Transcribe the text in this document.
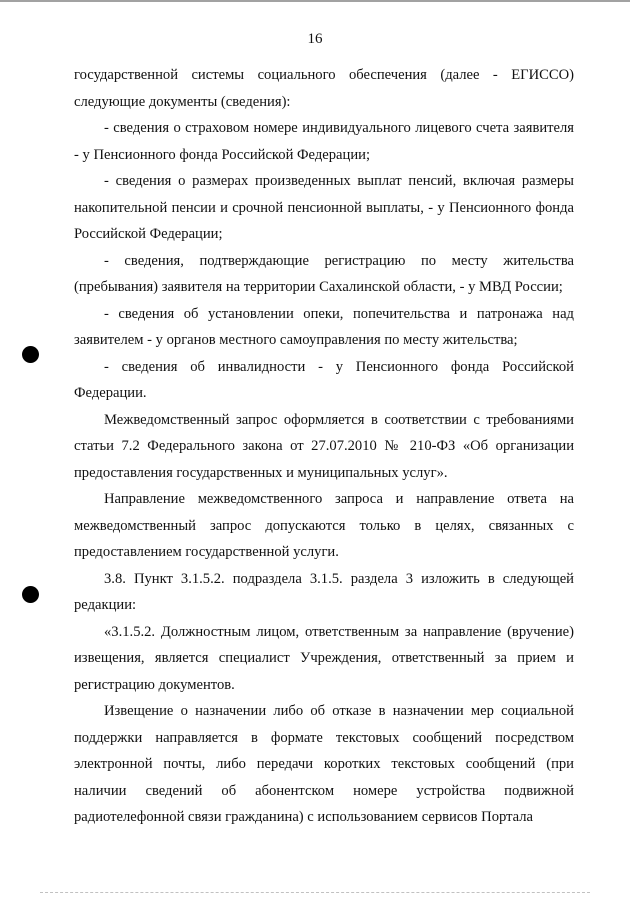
16

государственной системы социального обеспечения (далее - ЕГИССО) следующие документы (сведения):

- сведения о страховом номере индивидуального лицевого счета заявителя - у Пенсионного фонда Российской Федерации;

- сведения о размерах произведенных выплат пенсий, включая размеры накопительной пенсии и срочной пенсионной выплаты, - у Пенсионного фонда Российской Федерации;

- сведения, подтверждающие регистрацию по месту жительства (пребывания) заявителя на территории Сахалинской области, - у МВД России;

- сведения об установлении опеки, попечительства и патронажа над заявителем - у органов местного самоуправления по месту жительства;

- сведения об инвалидности - у Пенсионного фонда Российской Федерации.

Межведомственный запрос оформляется в соответствии с требованиями статьи 7.2 Федерального закона от 27.07.2010 № 210-ФЗ «Об организации предоставления государственных и муниципальных услуг».

Направление межведомственного запроса и направление ответа на межведомственный запрос допускаются только в целях, связанных с предоставлением государственной услуги.

3.8. Пункт 3.1.5.2. подраздела 3.1.5. раздела 3 изложить в следующей редакции:

«3.1.5.2. Должностным лицом, ответственным за направление (вручение) извещения, является специалист Учреждения, ответственный за прием и регистрацию документов.

Извещение о назначении либо об отказе в назначении мер социальной поддержки направляется в формате текстовых сообщений посредством электронной почты, либо передачи коротких текстовых сообщений (при наличии сведений об абонентском номере устройства подвижной радиотелефонной связи гражданина) с использованием сервисов Портала
